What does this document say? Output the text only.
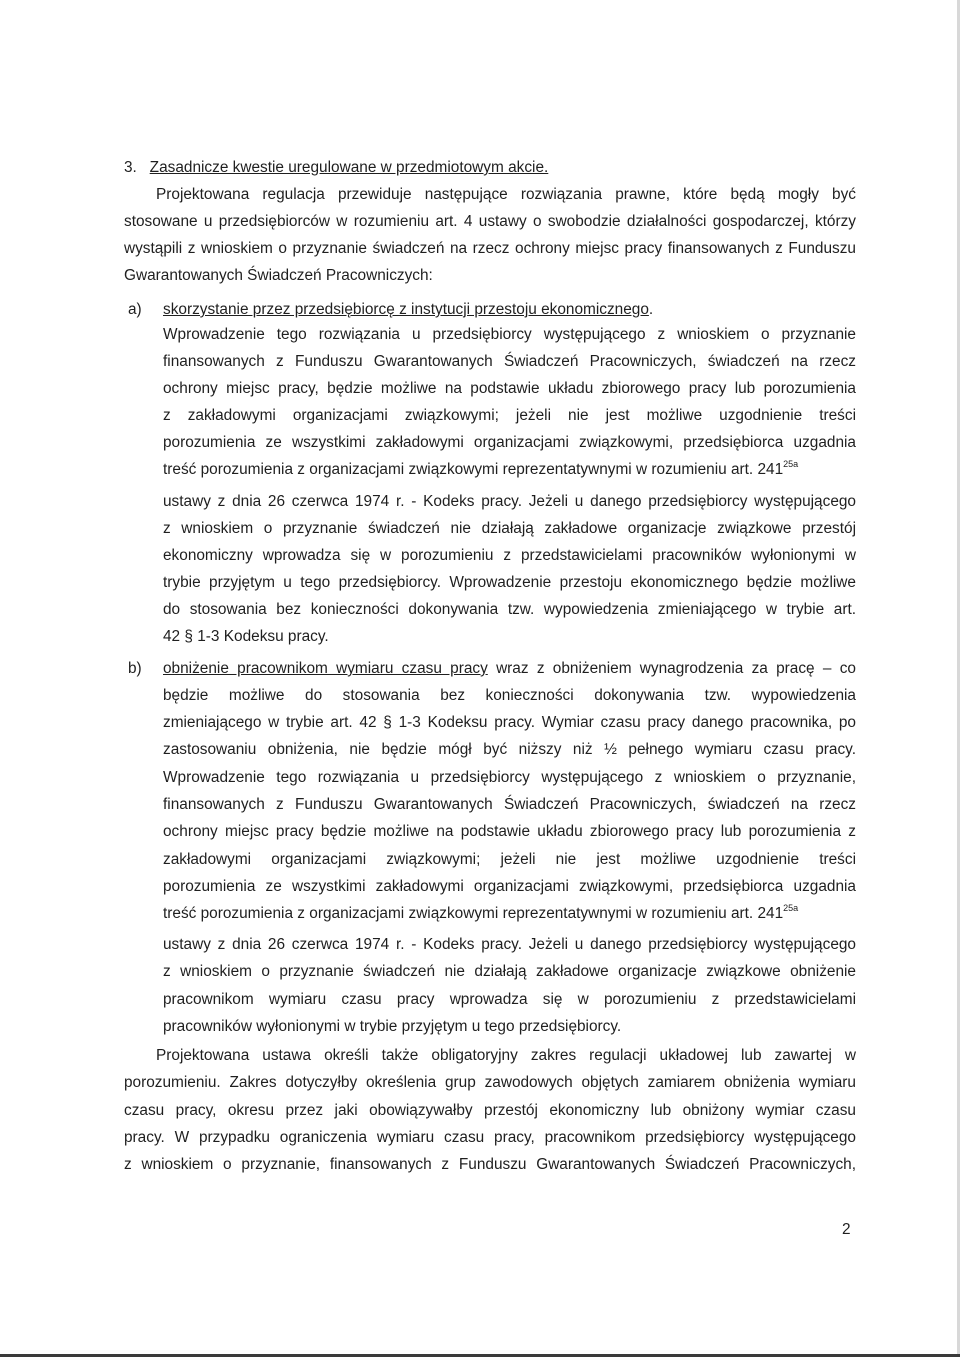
3. Zasadnicze kwestie uregulowane w przedmiotowym akcie.

Projektowana regulacja przewiduje następujące rozwiązania prawne, które będą mogły być

stosowane u przedsiębiorców w rozumieniu art. 4 ustawy o swobodzie działalności gospodarczej, którzy

wystąpili z wnioskiem o przyznanie świadczeń na rzecz ochrony miejsc pracy finansowanych z Funduszu

Gwarantowanych Świadczeń Pracowniczych:

a) skorzystanie przez przedsiębiorcę z instytucji przestoju ekonomicznego.

Wprowadzenie tego rozwiązania u przedsiębiorcy występującego z wnioskiem o przyznanie

finansowanych z Funduszu Gwarantowanych Świadczeń Pracowniczych, świadczeń na rzecz

ochrony miejsc pracy, będzie możliwe na podstawie układu zbiorowego pracy lub porozumienia

z zakładowymi organizacjami związkowymi; jeżeli nie jest możliwe uzgodnienie treści

porozumienia ze wszystkimi zakładowymi organizacjami związkowymi, przedsiębiorca uzgadnia

treść porozumienia z organizacjami związkowymi reprezentatywnymi w rozumieniu art. $241^{25a}$

ustawy z dnia 26 czerwca 1974 r. - Kodeks pracy. Jeżeli u danego przedsiębiorcy występującego

z wnioskiem o przyznanie świadczeń nie działają zakładowe organizacje związkowe przestój

ekonomiczny wprowadza się w porozumieniu z przedstawicielami pracowników wyłonionymi w

trybie przyjętym u tego przedsiębiorcy. Wprowadzenie przestoju ekonomicznego będzie możliwe

do stosowania bez konieczności dokonywania tzw. wypowiedzenia zmieniającego w trybie art.

42 § 1-3 Kodeksu pracy.

b) obniżenie pracownikom wymiaru czasu pracy wraz z obniżeniem wynagrodzenia za pracę – co

będzie możliwe do stosowania bez konieczności dokonywania tzw. wypowiedzenia

zmieniającego w trybie art. 42 § 1-3 Kodeksu pracy. Wymiar czasu pracy danego pracownika, po

zastosowaniu obniżenia, nie będzie mógł być niższy niż ½ pełnego wymiaru czasu pracy.

Wprowadzenie tego rozwiązania u przedsiębiorcy występującego z wnioskiem o przyznanie,

finansowanych z Funduszu Gwarantowanych Świadczeń Pracowniczych, świadczeń na rzecz

ochrony miejsc pracy będzie możliwe na podstawie układu zbiorowego pracy lub porozumienia z

zakładowymi organizacjami związkowymi; jeżeli nie jest możliwe uzgodnienie treści

porozumienia ze wszystkimi zakładowymi organizacjami związkowymi, przedsiębiorca uzgadnia

treść porozumienia z organizacjami związkowymi reprezentatywnymi w rozumieniu art. $241^{25a}$

ustawy z dnia 26 czerwca 1974 r. - Kodeks pracy. Jeżeli u danego przedsiębiorcy występującego

z wnioskiem o przyznanie świadczeń nie działają zakładowe organizacje związkowe obniżenie

pracownikom wymiaru czasu pracy wprowadza się w porozumieniu z przedstawicielami

pracowników wyłonionymi w trybie przyjętym u tego przedsiębiorcy.

Projektowana ustawa określi także obligatoryjny zakres regulacji układowej lub zawartej w

porozumieniu. Zakres dotyczyłby określenia grup zawodowych objętych zamiarem obniżenia wymiaru

czasu pracy, okresu przez jaki obowiązywałby przestój ekonomiczny lub obniżony wymiar czasu

pracy. W przypadku ograniczenia wymiaru czasu pracy, pracownikom przedsiębiorcy występującego

z wnioskiem o przyznanie, finansowanych z Funduszu Gwarantowanych Świadczeń Pracowniczych,

2
